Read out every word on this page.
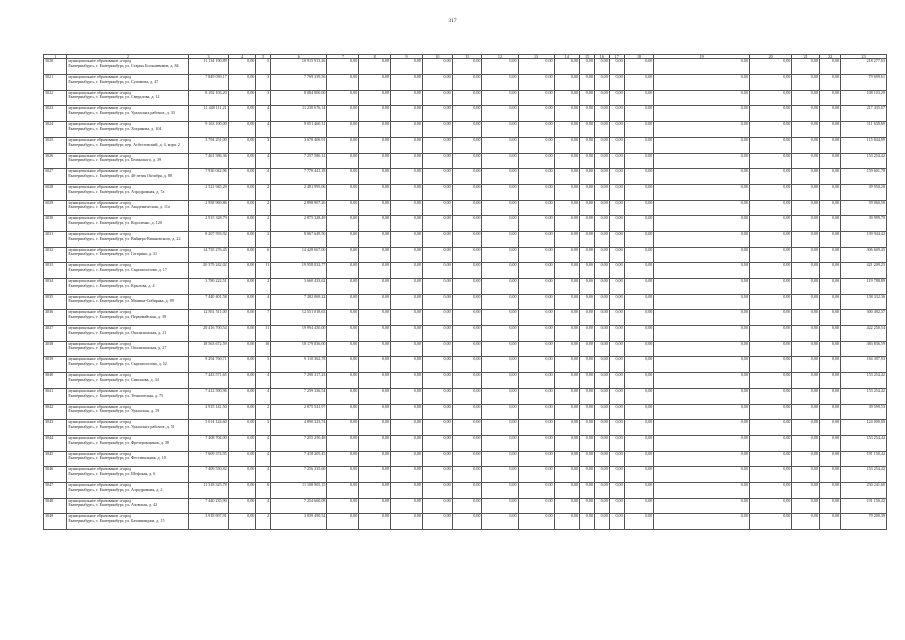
317
1	2	3	4	5	6	7	8	9	10	11	12	13	14	15	16	17	18	19	20	21	22	23
3020	муниципальное образование «город
Екатеринбург», г. Екатеринбург, ул. Старых Большевиков, д. 84	11 134 190,89	0,00	5	10 915 913,26	0,00	0,00	0,00	0,00	0,00	0,00	0,00	0,00	0,00	0,00	0,00	0,00	0,00	0,00	0,00	0,00	218 277,63
3021	муниципальное образование «город
Екатеринбург», г. Екатеринбург, ул. Сулимова, д. 47	7 849 039,17	0,00	3	7 769 339,56	0,00	0,00	0,00	0,00	0,00	0,00	0,00	0,00	0,00	0,00	0,00	0,00	0,00	0,00	0,00	0,00	79 699,61
3022	муниципальное образование «город
Екатеринбург», г. Екатеринбург, ул. Свердлова, д. 12	8 192 103,20	0,00	3	8 084 000,00	0,00	0,00	0,00	0,00	0,00	0,00	0,00	0,00	0,00	0,00	0,00	0,00	0,00	0,00	0,00	0,00	108 103,20
3023	муниципальное образование «город
Екатеринбург», г. Екатеринбург, ул. Уральских рабочих, д. 33	11 448 111,21	0,00	4	11 230 676,14	0,00	0,00	0,00	0,00	0,00	0,00	0,00	0,00	0,00	0,00	0,00	0,00	0,00	0,00	0,00	0,00	217 435,07
3024	муниципальное образование «город
Екатеринбург», г. Екатеринбург, ул. Хохрякова, д. 104	9 163 100,00	0,00	4	9 051 460,31	0,00	0,00	0,00	0,00	0,00	0,00	0,00	0,00	0,00	0,00	0,00	0,00	0,00	0,00	0,00	0,00	111 639,69
3025	муниципальное образование «город
Екатеринбург», г. Екатеринбург, пер. Асбестовский, д. 4, корп. 2	3 794 251,00	0,00	3	3 678 406,91	0,00	0,00	0,00	0,00	0,00	0,00	0,00	0,00	0,00	0,00	0,00	0,00	0,00	0,00	0,00	0,00	115 844,09
3026	муниципальное образование «город
Екатеринбург», г. Екатеринбург, ул. Белинского, д. 39	7 461 586,36	0,00	4	7 257 586,12	0,00	0,00	0,00	0,00	0,00	0,00	0,00	0,00	0,00	0,00	0,00	0,00	0,00	0,00	0,00	0,00	153 254,42
3027	муниципальное образование «город
Екатеринбург», г. Екатеринбург, ул. 40-летия Октября, д. 88	7 930 042,96	0,00	4	7 770 441,18	0,00	0,00	0,00	0,00	0,00	0,00	0,00	0,00	0,00	0,00	0,00	0,00	0,00	0,00	0,00	0,00	159 601,78
3028	муниципальное образование «город
Екатеринбург», г. Екатеринбург, ул. Аэродромная, д. 7а	2 521 945,29	0,00	2	2 481 995,06	0,00	0,00	0,00	0,00	0,00	0,00	0,00	0,00	0,00	0,00	0,00	0,00	0,00	0,00	0,00	0,00	39 950,20
3029	муниципальное образование «город
Екатеринбург», г. Екатеринбург, ул. Академическая, д. 11а	2 958 969,86	0,00	2	2 898 907,26	0,00	0,00	0,00	0,00	0,00	0,00	0,00	0,00	0,00	0,00	0,00	0,00	0,00	0,00	0,00	0,00	59 060,50
3030	муниципальное образование «город
Екатеринбург», г. Екатеринбург, ул. Короленко, д. 120	2 915 328,79	0,00	2	2 875 328,49	0,00	0,00	0,00	0,00	0,00	0,00	0,00	0,00	0,00	0,00	0,00	0,00	0,00	0,00	0,00	0,00	39 999,70
3031	муниципальное образование «город
Екатеринбург», г. Екатеринбург, ул. Вайнера-Вишневского, д. 22	8 207 593,92	0,00	3	8 067 649,50	0,00	0,00	0,00	0,00	0,00	0,00	0,00	0,00	0,00	0,00	0,00	0,00	0,00	0,00	0,00	0,00	139 944,42
3032	муниципальное образование «город
Екатеринбург», г. Екатеринбург, ул. Гагарина, д. 31	14 735 276,45	0,00	6	14 428 667,00	0,00	0,00	0,00	0,00	0,00	0,00	0,00	0,00	0,00	0,00	0,00	0,00	0,00	0,00	0,00	0,00	306 609,45
3033	муниципальное образование «город
Екатеринбург», г. Екатеринбург, ул. Сыромолотова, д. 17	20 379 242,02	0,00	11	19 958 032,77	0,00	0,00	0,00	0,00	0,00	0,00	0,00	0,00	0,00	0,00	0,00	0,00	0,00	0,00	0,00	0,00	421 209,25
3034	муниципальное образование «город
Екатеринбург», г. Екатеринбург, ул. Крылова, д. 4	3 780 222,51	0,00	2	3 660 433,62	0,00	0,00	0,00	0,00	0,00	0,00	0,00	0,00	0,00	0,00	0,00	0,00	0,00	0,00	0,00	0,00	119 788,89
3035	муниципальное образование «город
Екатеринбург», г. Екатеринбург, ул. Мамина-Сибиряка, д. 89	7 440 401,58	0,00	4	7 282 069,22	0,00	0,00	0,00	0,00	0,00	0,00	0,00	0,00	0,00	0,00	0,00	0,00	0,00	0,00	0,00	0,00	158 332,36
3036	муниципальное образование «город
Екатеринбург», г. Екатеринбург, ул. Первомайская, д. 39	12 851 511,00	0,00	7	12 551 018,63	0,00	0,00	0,00	0,00	0,00	0,00	0,00	0,00	0,00	0,00	0,00	0,00	0,00	0,00	0,00	0,00	300 492,37
3037	муниципальное образование «город
Екатеринбург», г. Екатеринбург, ул. Опалихинская, д. 21	20 416 700,54	0,00	11	19 994 450,00	0,00	0,00	0,00	0,00	0,00	0,00	0,00	0,00	0,00	0,00	0,00	0,00	0,00	0,00	0,00	0,00	422 250,54
3038	муниципальное образование «город
Екатеринбург», г. Екатеринбург, ул. Опалихинская, д. 27	18 563 672,59	0,00	10	18 179 836,00	0,00	0,00	0,00	0,00	0,00	0,00	0,00	0,00	0,00	0,00	0,00	0,00	0,00	0,00	0,00	0,00	383 836,59
3039	муниципальное образование «город
Екатеринбург», г. Екатеринбург, ул. Сыромолотова, д. 52	9 294 760,71	0,00	5	9 110 362,78	0,00	0,00	0,00	0,00	0,00	0,00	0,00	0,00	0,00	0,00	0,00	0,00	0,00	0,00	0,00	0,00	184 397,93
3040	муниципальное образование «город
Екатеринбург», г. Екатеринбург, ул. Симонова, д. 34	7 443 571,65	0,00	4	7 290 317,23	0,00	0,00	0,00	0,00	0,00	0,00	0,00	0,00	0,00	0,00	0,00	0,00	0,00	0,00	0,00	0,00	153 254,42
3041	муниципальное образование «город
Екатеринбург», г. Екатеринбург, ул. Техническая, д. 75	7 412 590,96	0,00	4	7 259 336,54	0,00	0,00	0,00	0,00	0,00	0,00	0,00	0,00	0,00	0,00	0,00	0,00	0,00	0,00	0,00	0,00	153 254,42
3042	муниципальное образование «город
Екатеринбург», г. Екатеринбург, ул. Уральская, д. 19	2 915 141,50	0,00	2	2 875 541,97	0,00	0,00	0,00	0,00	0,00	0,00	0,00	0,00	0,00	0,00	0,00	0,00	0,00	0,00	0,00	0,00	39 599,53
3043	муниципальное образование «город
Екатеринбург», г. Екатеринбург, ул. Уральских рабочих, д. 51	5 014 124,60	0,00	3	4 890 323,74	0,00	0,00	0,00	0,00	0,00	0,00	0,00	0,00	0,00	0,00	0,00	0,00	0,00	0,00	0,00	0,00	124 000,00
3044	муниципальное образование «город
Екатеринбург», г. Екатеринбург, ул. Фрезеровщиков, д. 38	7 408 704,00	0,00	4	7 255 250,48	0,00	0,00	0,00	0,00	0,00	0,00	0,00	0,00	0,00	0,00	0,00	0,00	0,00	0,00	0,00	0,00	153 254,42
3045	муниципальное образование «город
Екатеринбург», г. Екатеринбург, ул. Фестивальная, д. 10	7 609 374,95	0,00	4	7 418 205,45	0,00	0,00	0,00	0,00	0,00	0,00	0,00	0,00	0,00	0,00	0,00	0,00	0,00	0,00	0,00	0,00	191 150,42
3046	муниципальное образование «город
Екатеринбург», г. Екатеринбург, ул. Шефская, д. 6	7 409 550,82	0,00	4	7 256 335,60	0,00	0,00	0,00	0,00	0,00	0,00	0,00	0,00	0,00	0,00	0,00	0,00	0,00	0,00	0,00	0,00	153 254,42
3047	муниципальное образование «город
Екатеринбург», г. Екатеринбург, ул. Аэродромная, д. 2	11 318 325,78	0,00	6	11 108 905,15	0,00	0,00	0,00	0,00	0,00	0,00	0,00	0,00	0,00	0,00	0,00	0,00	0,00	0,00	0,00	0,00	230 241,60
3048	муниципальное образование «город
Екатеринбург», г. Екатеринбург, ул. Азовская, д. 42	7 440 235,90	0,00	4	7 254 660,08	0,00	0,00	0,00	0,00	0,00	0,00	0,00	0,00	0,00	0,00	0,00	0,00	0,00	0,00	0,00	0,00	191 150,42
3049	муниципальное образование «город
Екатеринбург», г. Екатеринбург, ул. Бахчиванджи, д. 15	3 918 697,91	0,00	2	3 839 490,52	0,00	0,00	0,00	0,00	0,00	0,00	0,00	0,00	0,00	0,00	0,00	0,00	0,00	0,00	0,00	0,00	79 200,39
